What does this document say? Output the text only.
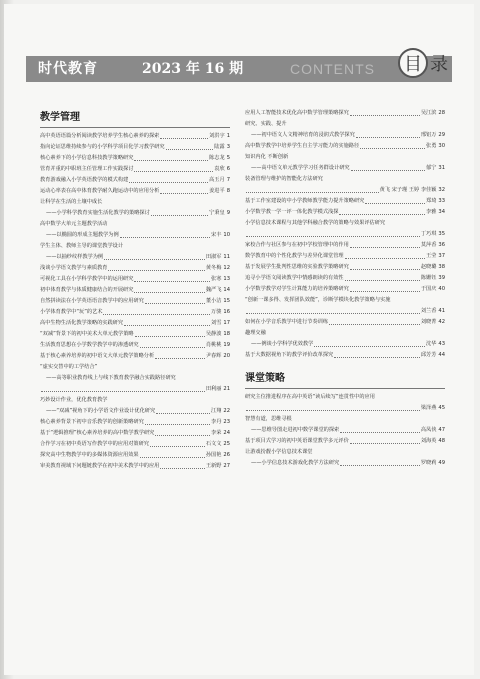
时代教育	2023 年 16 期	CONTENTS 目 录
教学管理
高中英语语篇分析阅读教学培养学生核心素养的探索	刘洪宇 1
指向论证思维持续参与的小学科学项目化学习教学研究	陆露 3
核心素养下的小学信息科技教学策略研究	陈志龙 5
管育并重的中职班主任管理工作实践探讨	袁欣 6
教育游戏融入小学英语教学的模式构建	高玉月 7
运动心率表在高中体育教学耐久跑运动中的应用分析	姜进平 8
让科学在生活的土壤中成长
——小学科学教育实施生活化教学的策略探讨	宁秉皇 9
高中数学大单元主题教学活动
——以椭圆的形成主题教学为例	宋丰 10
学生主体、教师主导的课堂教学设计
——以抽纱纹样教学为例	田淑军 11
浅谈小学语文教学与素质教育	黄冬梅 12
可视化工具在小学科学教学中的运用研究	张寒 13
初中体育教学与体质健康结合的开展研究	魏严飞 14
自然拼读法在小学英语语音教学中的应用研究	董小洁 15
小学体育教学中“玩”的艺术	万骏 16
高中生物生活化教学策略的实践研究	刘雪 17
“双减”背景下的初中美术大单元教学策略	吴静波 18
生活教育思想在小学数学教学中的渗透研究	肖桃桃 19
基于核心素养培养的初中语文大单元教学策略分析	尹春辉 20
“虚实交替中的工学结合”
——高等职业教育线上与线下教育教学融合实践路径研究
田利丽 21
巧妙设计作业，优化教育教学
——“双减”视角下的小学语文作业设计优化研究	江翔 22
核心素养背景下初中音乐教学的创新策略研究	李丹 23
基于“逻辑推理”核心素养培养的高中数学教学研究	李荣 24
合作学习在初中英语写作教学中的应用对策研究	石文文 25
探究高中生物教学中的多媒体资源应用效果	孙国艳 26
审美教育视域下问题链教学在初中美术教学中的应用	王新野 27
应用人工智能技术优化高中数学管理策略探究	吴江滨 28
研究、实践、提升
——初中语文人文精神培育的浸润式教学探究	邢铝万 29
高中数学教学中培养学生自主学习能力的实施路径	张勇 30
知识内化 不断创新
——高中语文单元教学学习任务群设计研究	郁宁 31
装备管理与维护的智能化方法研究
黄飞 宋子瑾 王婷 李佳颖 32
基于工作室建设的中小学教师教学能力提升策略研究	郑琦 33
小学数学教一学一评一体化教学模式浅探	李雅 34
小学信息技术课程与其他学科融合教学的策略与效果评估研究
丁巧琪 35
家校合作与社区参与在初中学校管理中的作用	莫萍香 36
数学教育中的个性化教学与差异化课堂管理	王莹 37
基于发展学生批判性思维的实验教学策略研究	赵晓璐 38
追寻小学语文阅读教学中情感朗读的有效性	陈姗钰 39
小学数学教学对学生计算能力的培养策略研究	于国庆 40
“创新一课多得、发挥团队效能”，诊断学模块化教学策略与实施
刘兰香 41
如何在小学音乐教学中进行节奏训练	刘晓菁 42
趣理交融
——例谈小学科学优效教学	沈华 43
基于大数据视角下的教学评价改革探究	邱芳芳 44
课堂策略
研究主位推进程序在高中英语“读后续写”连贯性中的应用
梁泽燕 45
智慧有道，思维寻根
——思维导图走进初中数学课堂的探索	高凤侠 47
基于项目式学习的初中英语课堂教学多元评价	刘海英 48
让游戏扮靓小学信息技术课堂
——小学信息技术游戏化教学方法研究	罗晓莉 49
